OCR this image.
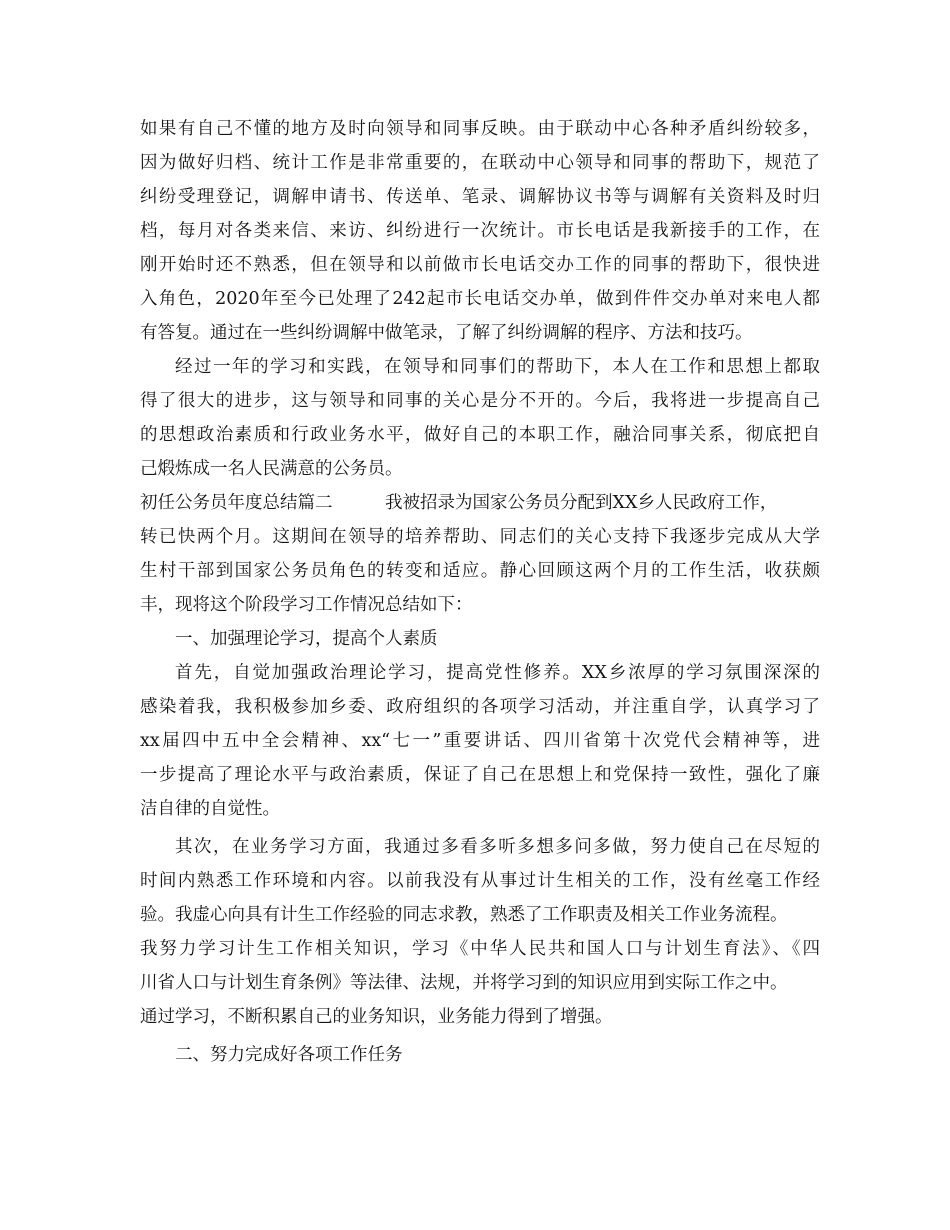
如果有自己不懂的地方及时向领导和同事反映。由于联动中心各种矛盾纠纷较多，
因为做好归档、统计工作是非常重要的，在联动中心领导和同事的帮助下，规范了
纠纷受理登记，调解申请书、传送单、笔录、调解协议书等与调解有关资料及时归
档，每月对各类来信、来访、纠纷进行一次统计。市长电话是我新接手的工作，在
刚开始时还不熟悉，但在领导和以前做市长电话交办工作的同事的帮助下，很快进
入角色，2020年至今已处理了242起市长电话交办单，做到件件交办单对来电人都
有答复。通过在一些纠纷调解中做笔录，了解了纠纷调解的程序、方法和技巧。
经过一年的学习和实践，在领导和同事们的帮助下，本人在工作和思想上都取
得了很大的进步，这与领导和同事的关心是分不开的。今后，我将进一步提高自己
的思想政治素质和行政业务水平，做好自己的本职工作，融洽同事关系，彻底把自
己煅炼成一名人民满意的公务员。
初任公务员年度总结篇二　　　我被招录为国家公务员分配到XX乡人民政府工作，
转已快两个月。这期间在领导的培养帮助、同志们的关心支持下我逐步完成从大学
生村干部到国家公务员角色的转变和适应。静心回顾这两个月的工作生活，收获颇
丰，现将这个阶段学习工作情况总结如下：
一、加强理论学习，提高个人素质
首先，自觉加强政治理论学习，提高党性修养。XX乡浓厚的学习氛围深深的
感染着我，我积极参加乡委、政府组织的各项学习活动，并注重自学，认真学习了
xx届四中五中全会精神、xx“七一”重要讲话、四川省第十次党代会精神等，进
一步提高了理论水平与政治素质，保证了自己在思想上和党保持一致性，强化了廉
洁自律的自觉性。
其次，在业务学习方面，我通过多看多听多想多问多做，努力使自己在尽短的
时间内熟悉工作环境和内容。以前我没有从事过计生相关的工作，没有丝毫工作经
验。我虚心向具有计生工作经验的同志求教，熟悉了工作职责及相关工作业务流程。
我努力学习计生工作相关知识，学习《中华人民共和国人口与计划生育法》、《四
川省人口与计划生育条例》等法律、法规，并将学习到的知识应用到实际工作之中。
通过学习，不断积累自己的业务知识，业务能力得到了增强。
二、努力完成好各项工作任务
